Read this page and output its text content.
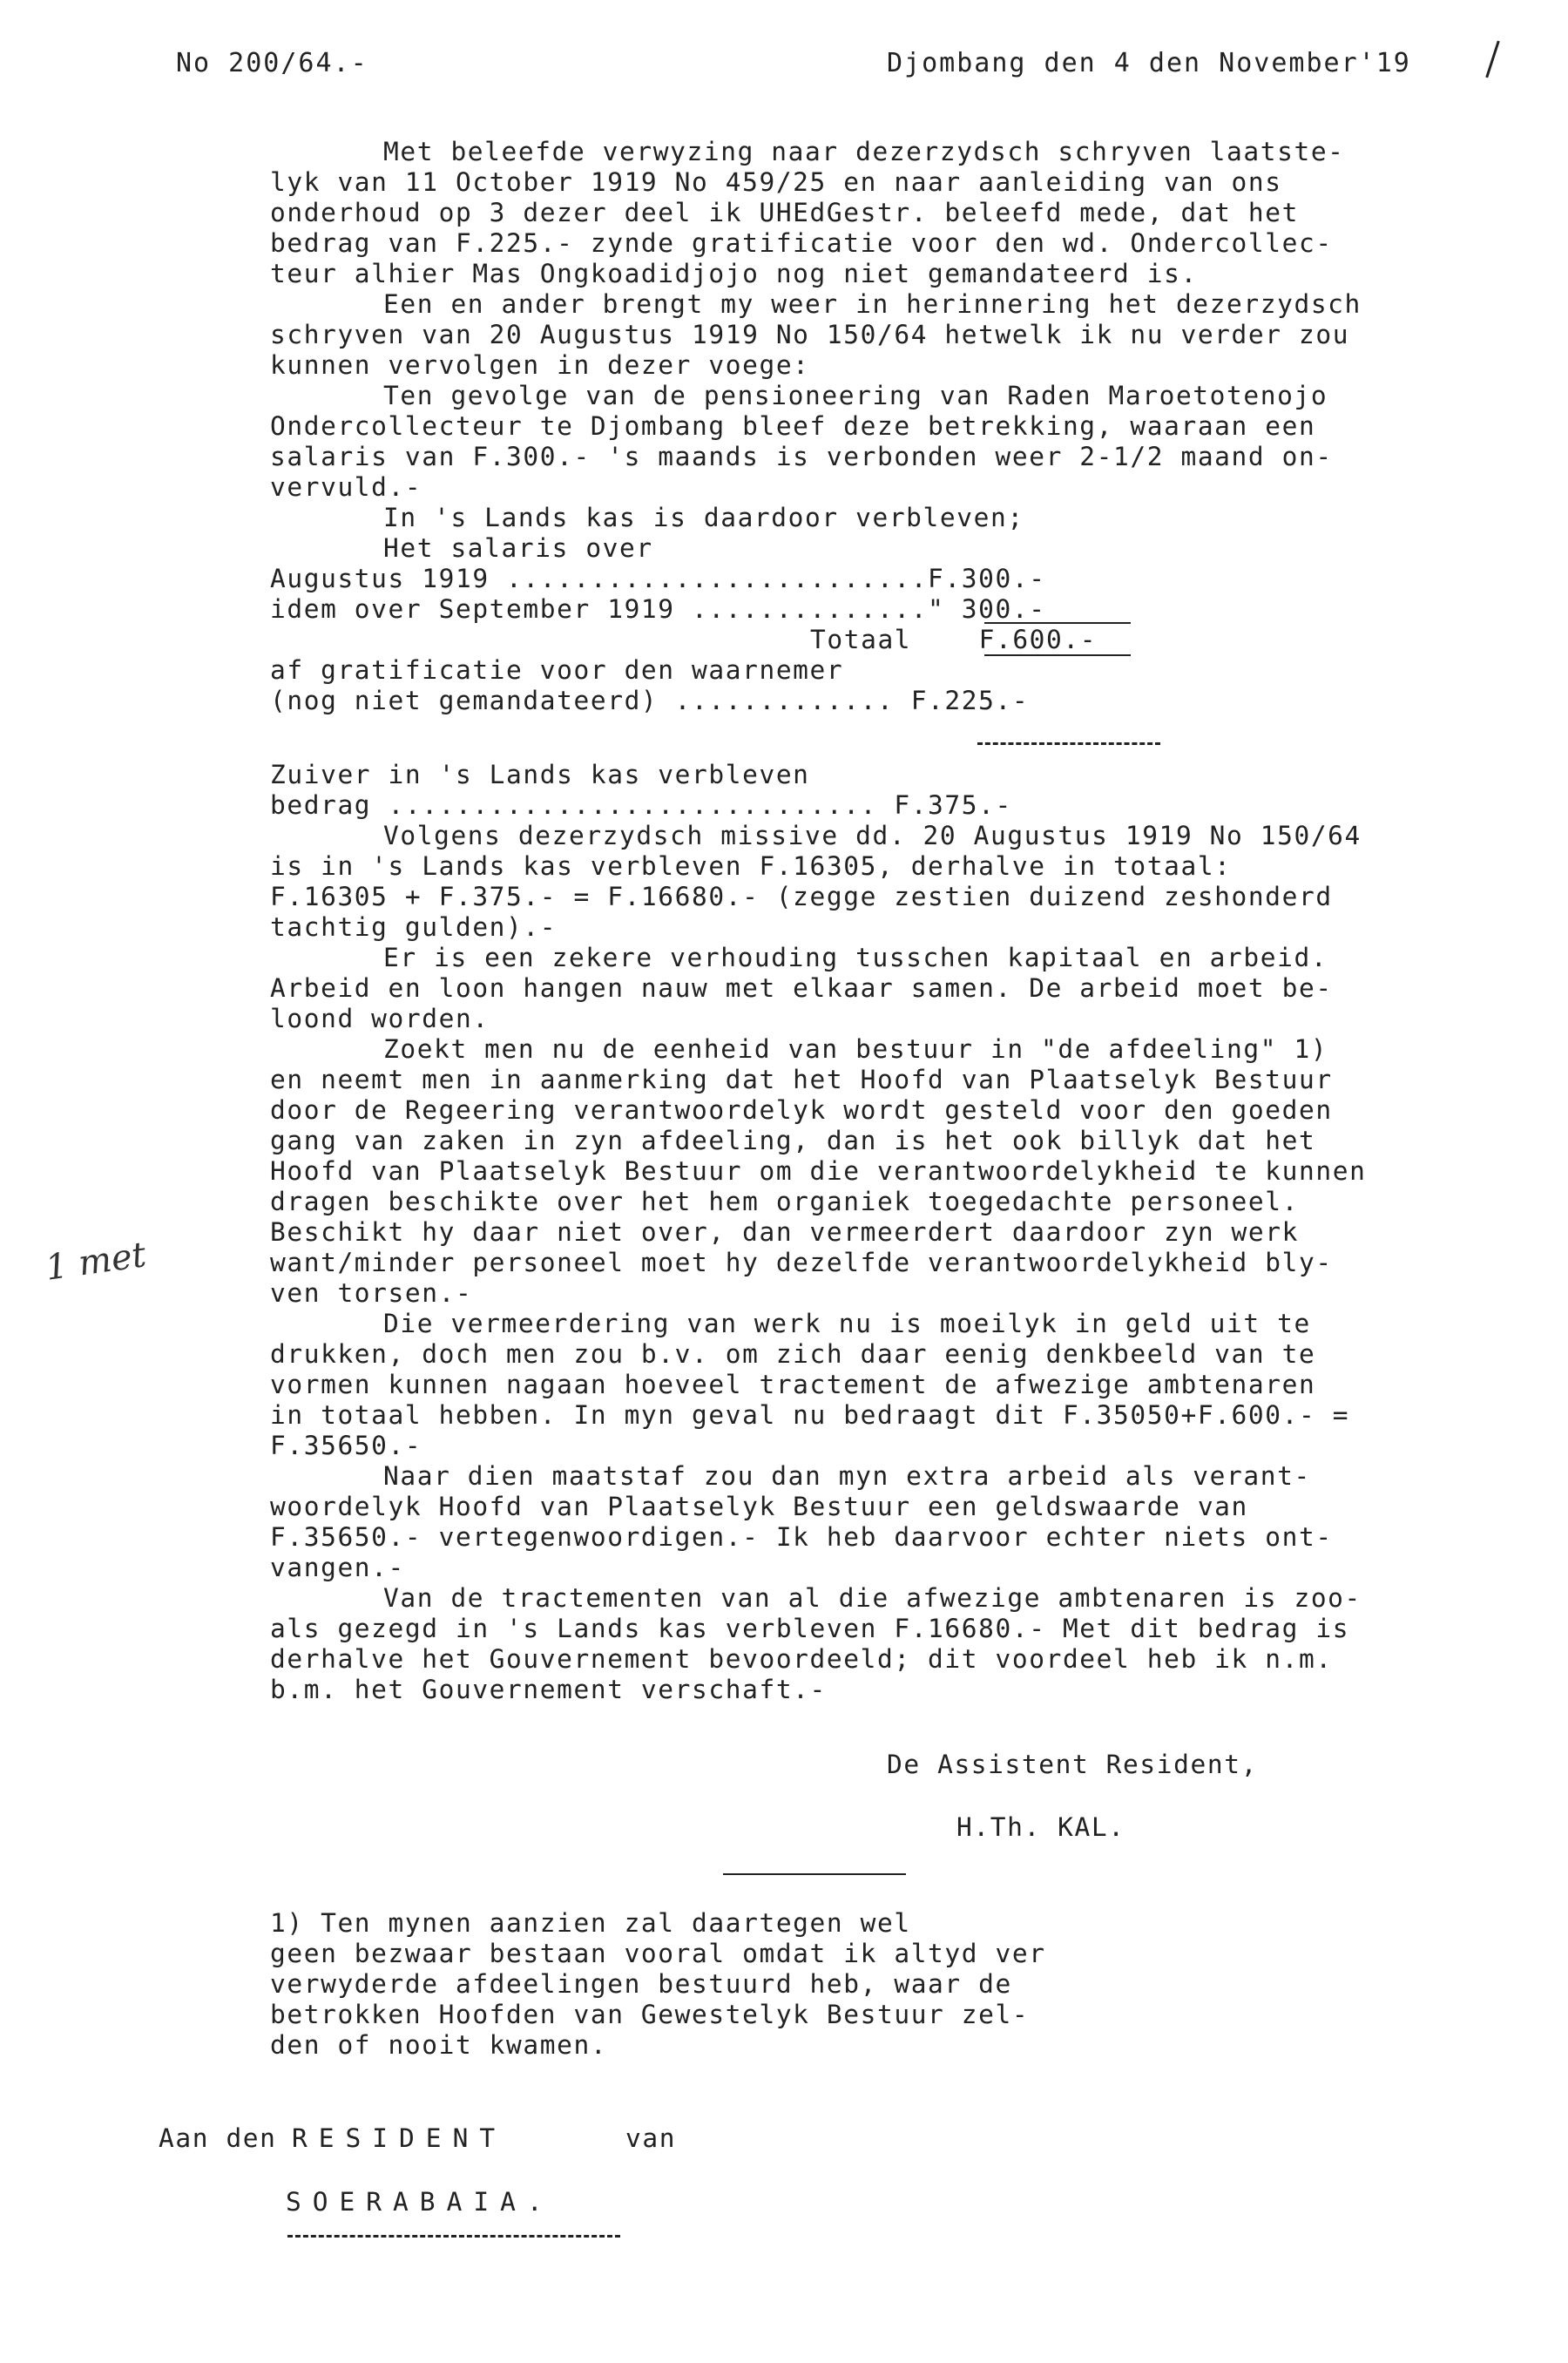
No 200/64.-	Djombang den 4 den November'19
Met beleefde verwyzing naar dezerzydsch schryven laatste-
lyk van 11 October 1919 No 459/25 en naar aanleiding van ons
onderhoud op 3 dezer deel ik UHEdGestr. beleefd mede, dat het
bedrag van F.225.- zynde gratificatie voor den wd. Ondercollec-
teur alhier Mas Ongkoadidjojo nog niet gemandateerd is.
Een en ander brengt my weer in herinnering het dezerzydsch
schryven van 20 Augustus 1919 No 150/64 hetwelk ik nu verder zou
kunnen vervolgen in dezer voege:
Ten gevolge van de pensioneering van Raden Maroetotenojo
Ondercollecteur te Djombang bleef deze betrekking, waaraan een
salaris van F.300.- 's maands is verbonden weer 2-1/2 maand on-
vervuld.-
In 's Lands kas is daardoor verbleven;
Het salaris over
Augustus 1919 .........................F.300.-
idem over September 1919 .............." 300.-
Totaal    F.600.-
af gratificatie voor den waarnemer
(nog niet gemandateerd) ............. F.225.-
Zuiver in 's Lands kas verbleven
bedrag ............................. F.375.-
Volgens dezerzydsch missive dd. 20 Augustus 1919 No 150/64
is in 's Lands kas verbleven F.16305, derhalve in totaal:
F.16305 + F.375.- = F.16680.- (zegge zestien duizend zeshonderd
tachtig gulden).-
Er is een zekere verhouding tusschen kapitaal en arbeid.
Arbeid en loon hangen nauw met elkaar samen. De arbeid moet be-
loond worden.
Zoekt men nu de eenheid van bestuur in "de afdeeling" 1)
en neemt men in aanmerking dat het Hoofd van Plaatselyk Bestuur
door de Regeering verantwoordelyk wordt gesteld voor den goeden
gang van zaken in zyn afdeeling, dan is het ook billyk dat het
Hoofd van Plaatselyk Bestuur om die verantwoordelykheid te kunnen
dragen beschikte over het hem organiek toegedachte personeel.
Beschikt hy daar niet over, dan vermeerdert daardoor zyn werk
want/minder personeel moet hy dezelfde verantwoordelykheid bly-
ven torsen.-
Die vermeerdering van werk nu is moeilyk in geld uit te
drukken, doch men zou b.v. om zich daar eenig denkbeeld van te
vormen kunnen nagaan hoeveel tractement de afwezige ambtenaren
in totaal hebben. In myn geval nu bedraagt dit F.35050+F.600.- =
F.35650.-
Naar dien maatstaf zou dan myn extra arbeid als verant-
woordelyk Hoofd van Plaatselyk Bestuur een geldswaarde van
F.35650.- vertegenwoordigen.- Ik heb daarvoor echter niets ont-
vangen.-
Van de tractementen van al die afwezige ambtenaren is zoo-
als gezegd in 's Lands kas verbleven F.16680.- Met dit bedrag is
derhalve het Gouvernement bevoordeeld; dit voordeel heb ik n.m.
b.m. het Gouvernement verschaft.-
1 met
De Assistent Resident,
H.Th. KAL.
1) Ten mynen aanzien zal daartegen wel
geen bezwaar bestaan vooral omdat ik altyd ver
verwyderde afdeelingen bestuurd heb, waar de
betrokken Hoofden van Gewestelyk Bestuur zel-
den of nooit kwamen.
Aan den RESIDENT	van
SOERABAIA.
